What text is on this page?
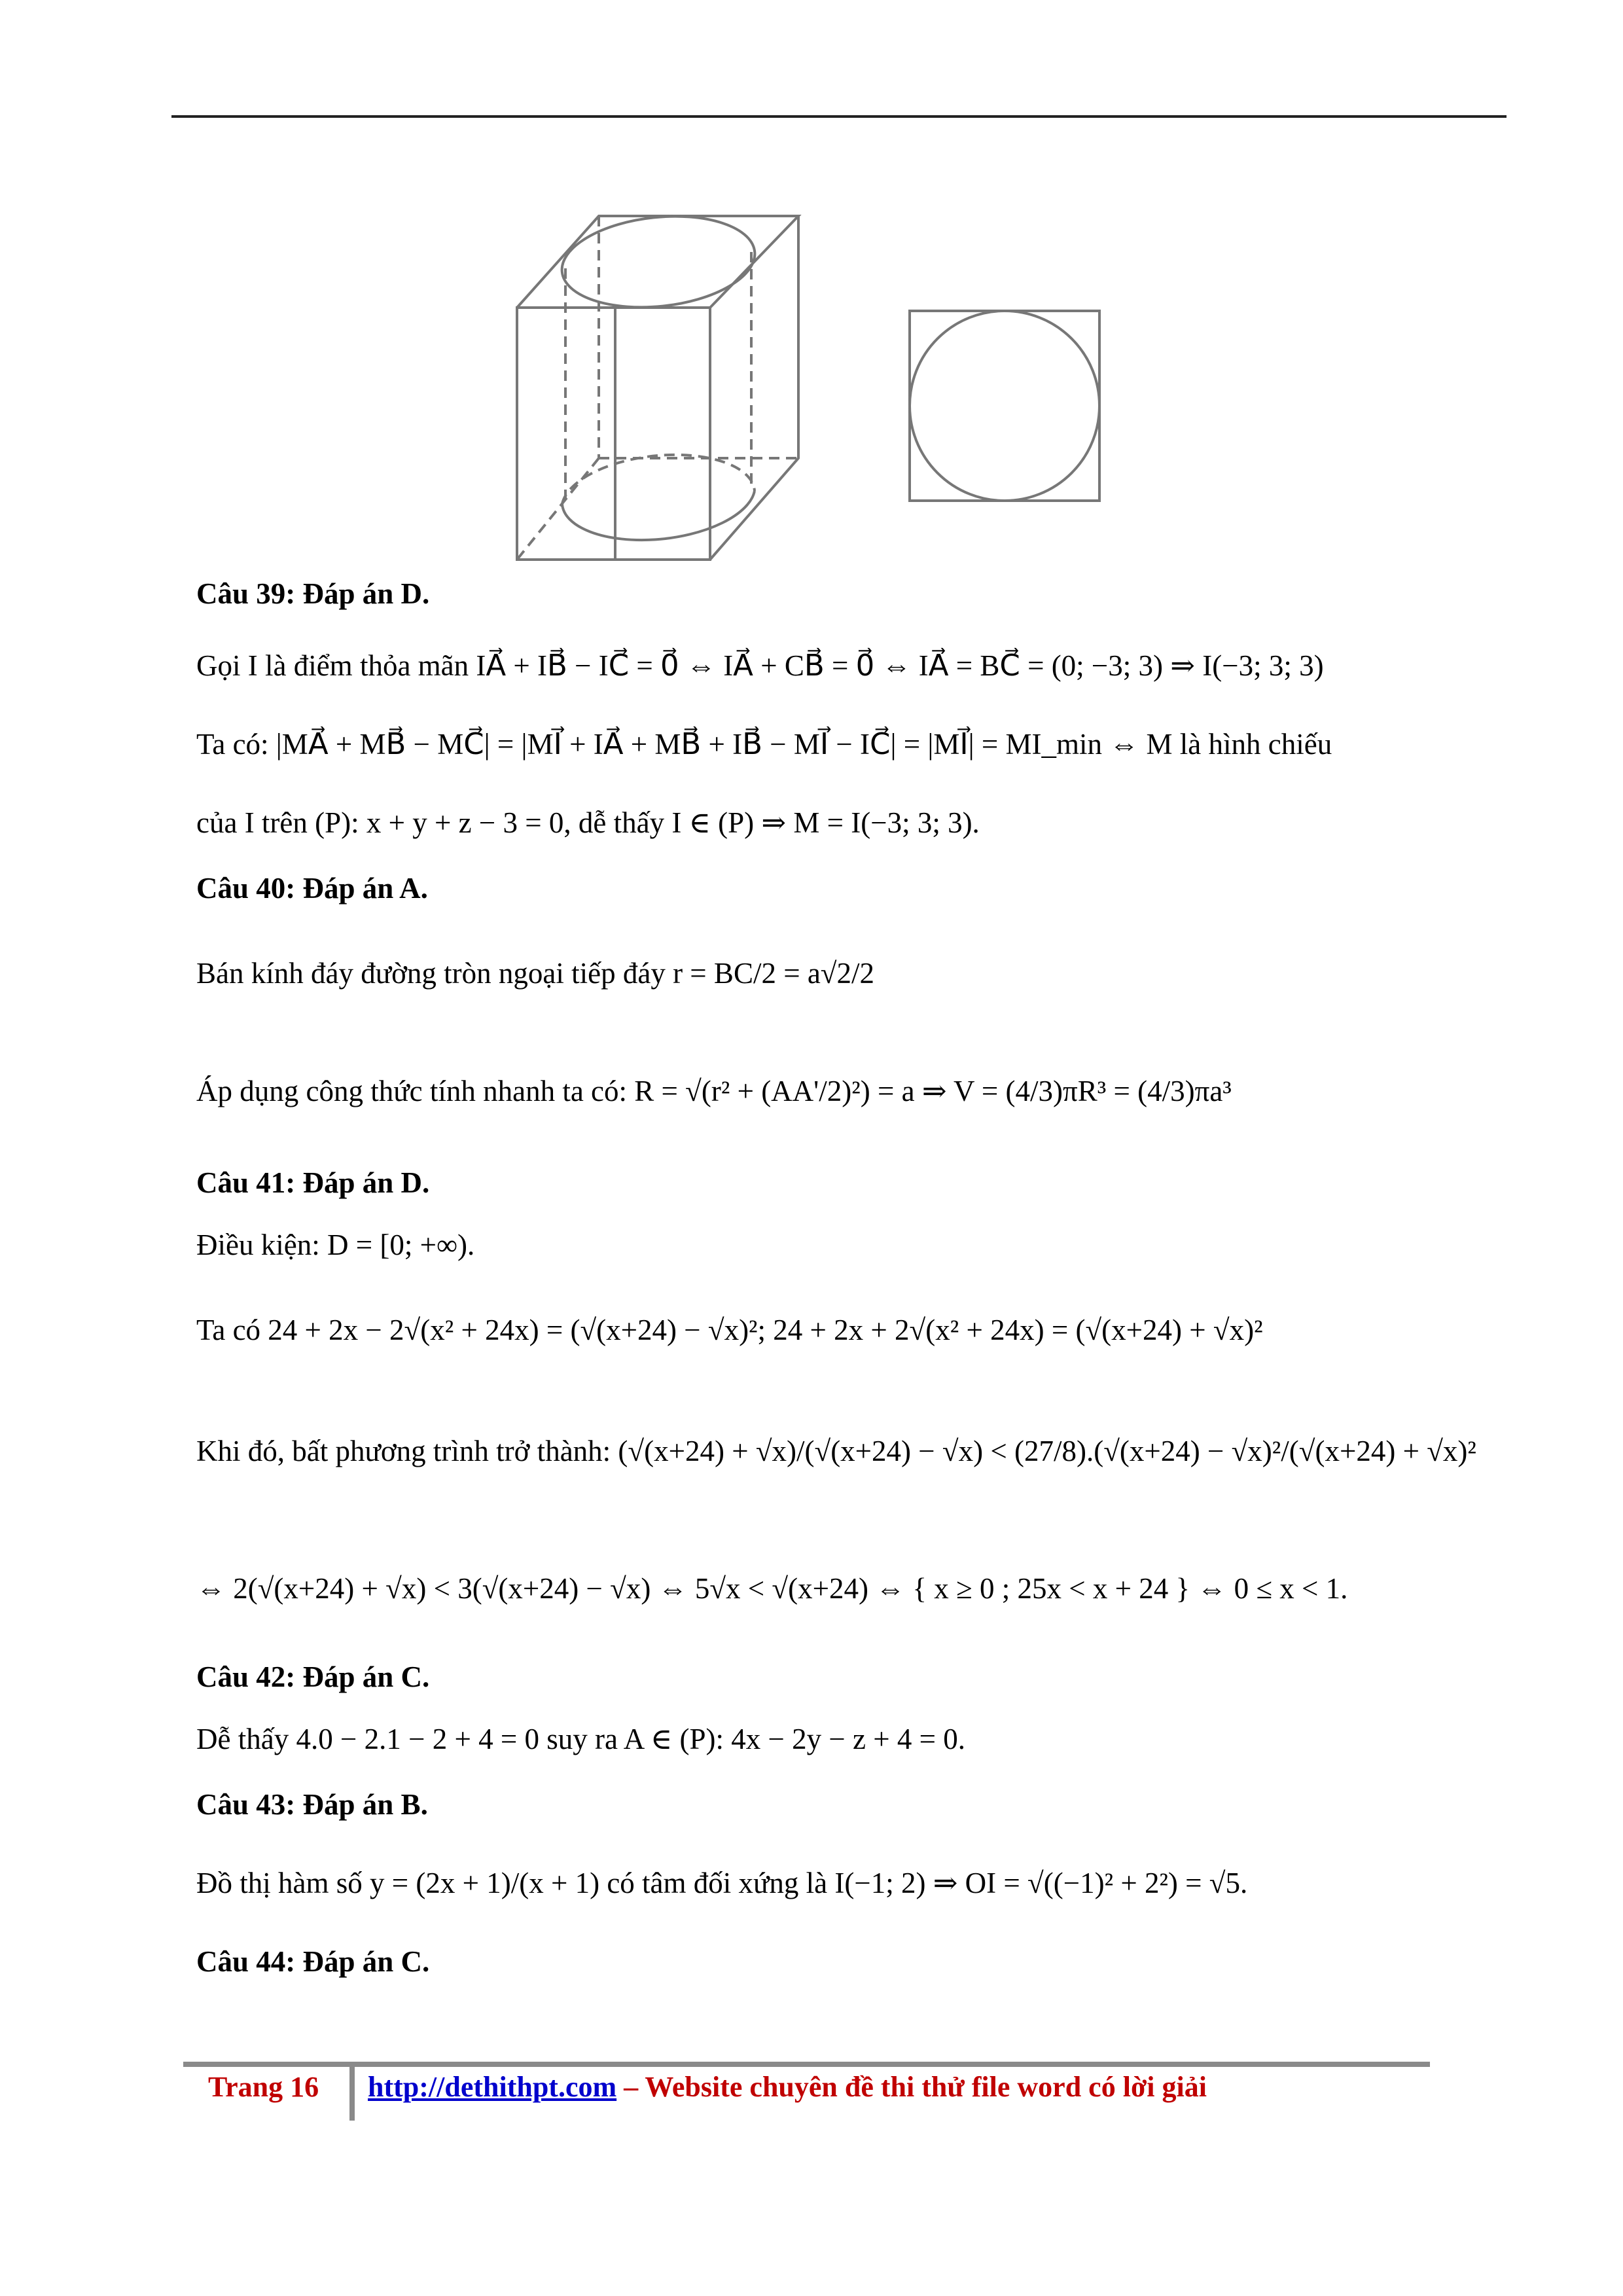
Câu 39: Đáp án D.
Gọi I là điểm thỏa mãn IA⃗ + IB⃗ − IC⃗ = 0⃗ ⇔ IA⃗ + CB⃗ = 0⃗ ⇔ IA⃗ = BC⃗ = (0; −3; 3) ⇒ I(−3; 3; 3)
Ta có: |MA⃗ + MB⃗ − MC⃗| = |MI⃗ + IA⃗ + MB⃗ + IB⃗ − MI⃗ − IC⃗| = |MI⃗| = MI_min ⇔ M là hình chiếu
của I trên (P): x + y + z − 3 = 0, dễ thấy I ∈ (P) ⇒ M = I(−3; 3; 3).
Câu 40: Đáp án A.
Bán kính đáy đường tròn ngoại tiếp đáy r = BC/2 = a√2/2
Áp dụng công thức tính nhanh ta có: R = √(r² + (AA'/2)²) = a ⇒ V = (4/3)πR³ = (4/3)πa³
Câu 41: Đáp án D.
Điều kiện: D = [0; +∞).
Ta có 24 + 2x − 2√(x² + 24x) = (√(x+24) − √x)²; 24 + 2x + 2√(x² + 24x) = (√(x+24) + √x)²
Khi đó, bất phương trình trở thành: (√(x+24) + √x)/(√(x+24) − √x) < (27/8).(√(x+24) − √x)²/(√(x+24) + √x)²
⇔ 2(√(x+24) + √x) < 3(√(x+24) − √x) ⇔ 5√x < √(x+24) ⇔ { x ≥ 0 ; 25x < x + 24 } ⇔ 0 ≤ x < 1.
Câu 42: Đáp án C.
Dễ thấy 4.0 − 2.1 − 2 + 4 = 0 suy ra A ∈ (P): 4x − 2y − z + 4 = 0.
Câu 43: Đáp án B.
Đồ thị hàm số y = (2x + 1)/(x + 1) có tâm đối xứng là I(−1; 2) ⇒ OI = √((−1)² + 2²) = √5.
Câu 44: Đáp án C.
Trang 16 http://dethithpt.com – Website chuyên đề thi thử file word có lời giải
